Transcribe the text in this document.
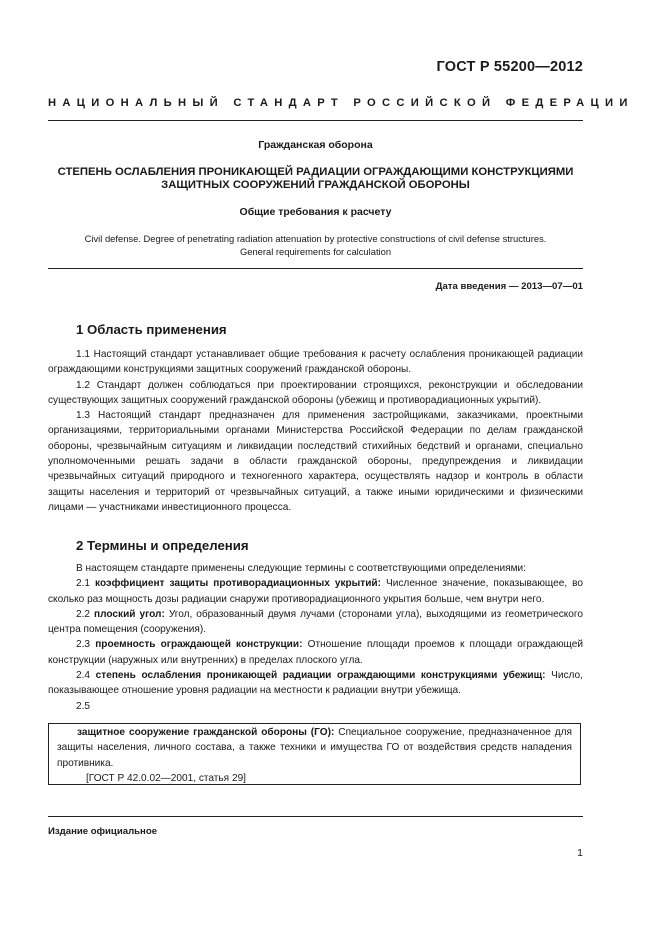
ГОСТ Р 55200—2012
НАЦИОНАЛЬНЫЙ СТАНДАРТ РОССИЙСКОЙ ФЕДЕРАЦИИ
Гражданская оборона
СТЕПЕНЬ ОСЛАБЛЕНИЯ ПРОНИКАЮЩЕЙ РАДИАЦИИ ОГРАЖДАЮЩИМИ КОНСТРУКЦИЯМИ
ЗАЩИТНЫХ СООРУЖЕНИЙ ГРАЖДАНСКОЙ ОБОРОНЫ
Общие требования к расчету
Civil defense. Degree of penetrating radiation attenuation by protective constructions of civil defense structures.
General requirements for calculation
Дата введения — 2013—07—01
1 Область применения

1.1 Настоящий стандарт устанавливает общие требования к расчету ослабления проникающей радиации ограждающими конструкциями защитных сооружений гражданской обороны.

1.2 Стандарт должен соблюдаться при проектировании строящихся, реконструкции и обследовании существующих защитных сооружений гражданской обороны (убежищ и противорадиационных укрытий).

1.3 Настоящий стандарт предназначен для применения застройщиками, заказчиками, проектными организациями, территориальными органами Министерства Российской Федерации по делам гражданской обороны, чрезвычайным ситуациям и ликвидации последствий стихийных бедствий и органами, специально уполномоченными решать задачи в области гражданской обороны, предупреждения и ликвидации чрезвычайных ситуаций природного и техногенного характера, осуществлять надзор и контроль в области защиты населения и территорий от чрезвычайных ситуаций, а также иными юридическими и физическими лицами — участниками инвестиционного процесса.

2 Термины и определения

В настоящем стандарте применены следующие термины с соответствующими определениями:

2.1 коэффициент защиты противорадиационных укрытий: Численное значение, показывающее, во сколько раз мощность дозы радиации снаружи противорадиационного укрытия больше, чем внутри него.

2.2 плоский угол: Угол, образованный двумя лучами (сторонами угла), выходящими из геометрического центра помещения (сооружения).

2.3 проемность ограждающей конструкции: Отношение площади проемов к площади ограждающей конструкции (наружных или внутренних) в пределах плоского угла.

2.4 степень ослабления проникающей радиации ограждающими конструкциями убежищ: Число, показывающее отношение уровня радиации на местности к радиации внутри убежища.

2.5

защитное сооружение гражданской обороны (ГО): Специальное сооружение, предназначенное для защиты населения, личного состава, а также техники и имущества ГО от воздействия средств нападения противника.
[ГОСТ Р 42.0.02—2001, статья 29]
Издание официальное
1
